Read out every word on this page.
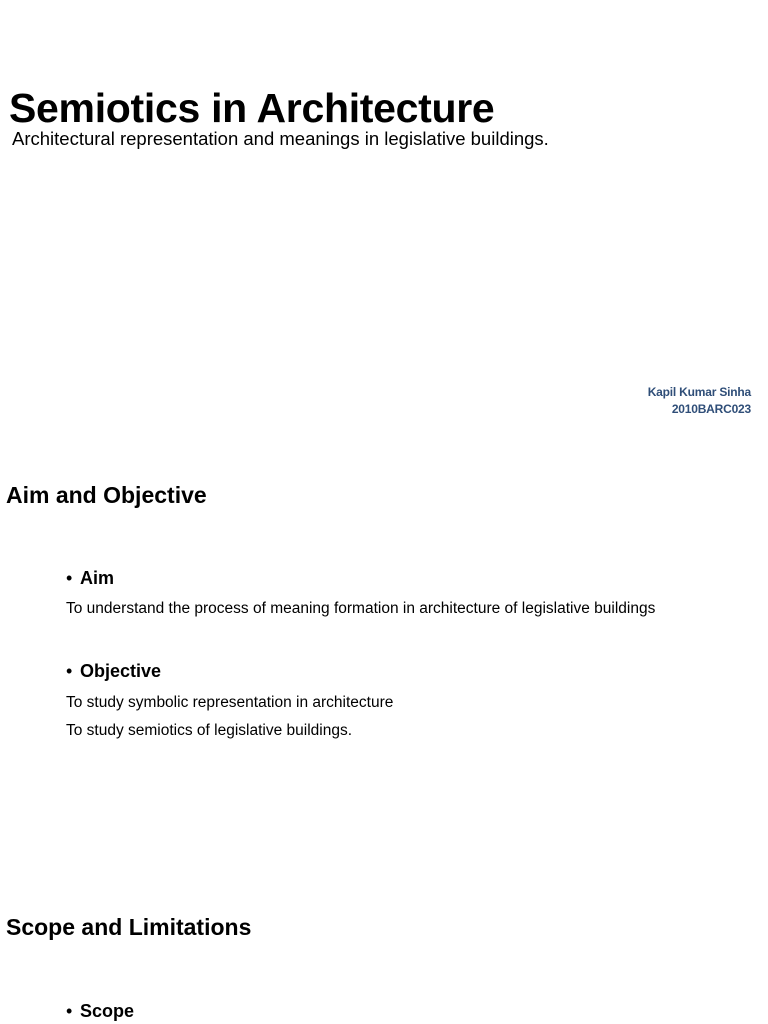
Semiotics in Architecture
Architectural representation and meanings in legislative buildings.
Kapil Kumar Sinha
2010BARC023
Aim and Objective
• Aim
To understand the process of meaning formation in architecture of legislative buildings
• Objective
To study symbolic representation in architecture
To study semiotics of legislative buildings.
Scope and Limitations
• Scope
